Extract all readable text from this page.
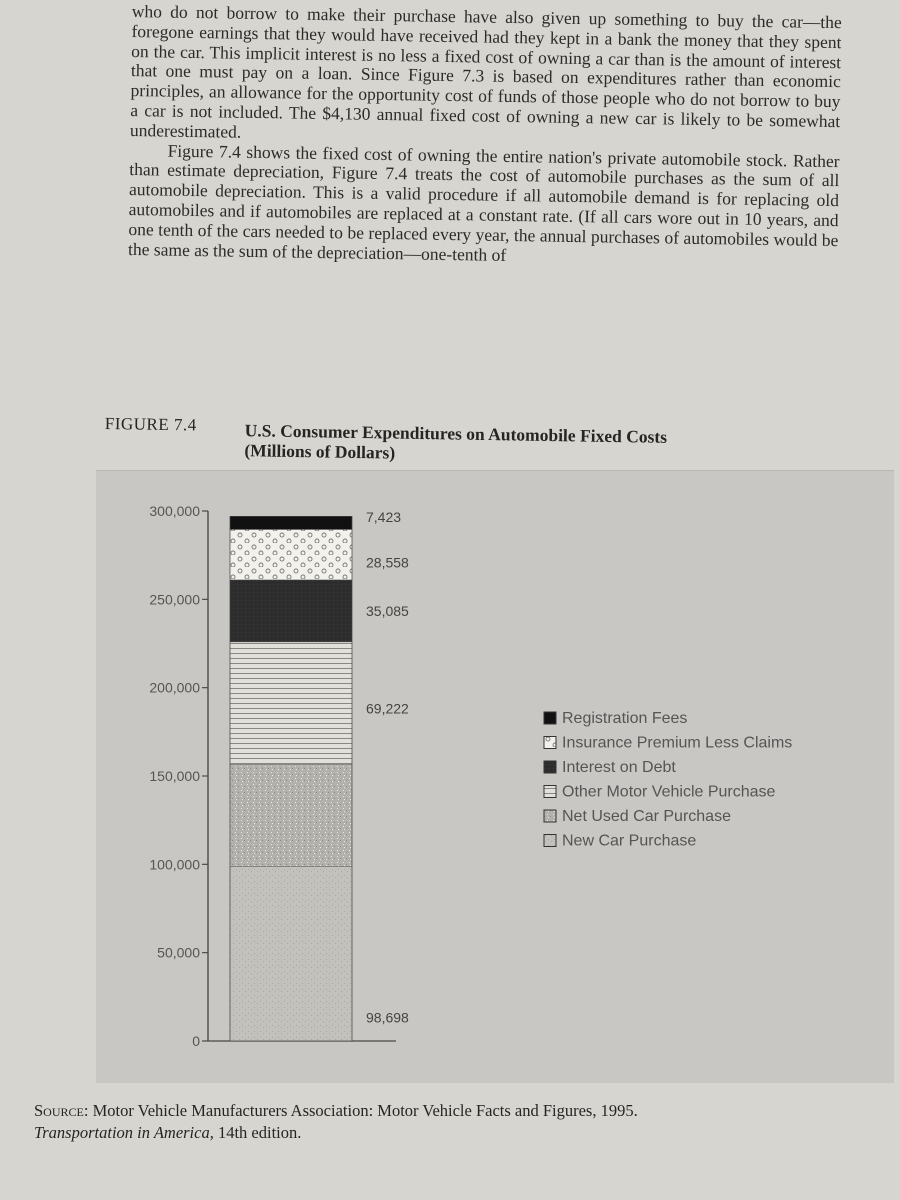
who do not borrow to make their purchase have also given up something to buy the car—the foregone earnings that they would have received had they kept in a bank the money that they spent on the car. This implicit interest is no less a fixed cost of owning a car than is the amount of interest that one must pay on a loan. Since Figure 7.3 is based on expenditures rather than economic principles, an allowance for the opportunity cost of funds of those people who do not borrow to buy a car is not included. The $4,130 annual fixed cost of owning a new car is likely to be somewhat underestimated.

Figure 7.4 shows the fixed cost of owning the entire nation's private automobile stock. Rather than estimate depreciation, Figure 7.4 treats the cost of automobile purchases as the sum of all automobile depreciation. This is a valid procedure if all automobile demand is for replacing old automobiles and if automobiles are replaced at a constant rate. (If all cars wore out in 10 years, and one tenth of the cars needed to be replaced every year, the annual purchases of automobiles would be the same as the sum of the depreciation—one-tenth of

FIGURE 7.4	U.S. Consumer Expenditures on Automobile Fixed Costs
(Millions of Dollars)
0
50,000
100,000
150,000
200,000
250,000
300,000
98,698
69,222
35,085
28,558
7,423
Registration Fees
Insurance Premium Less Claims
Interest on Debt
Other Motor Vehicle Purchase
Net Used Car Purchase
New Car Purchase
Source: Motor Vehicle Manufacturers Association: Motor Vehicle Facts and Figures, 1995.
Transportation in America, 14th edition.
